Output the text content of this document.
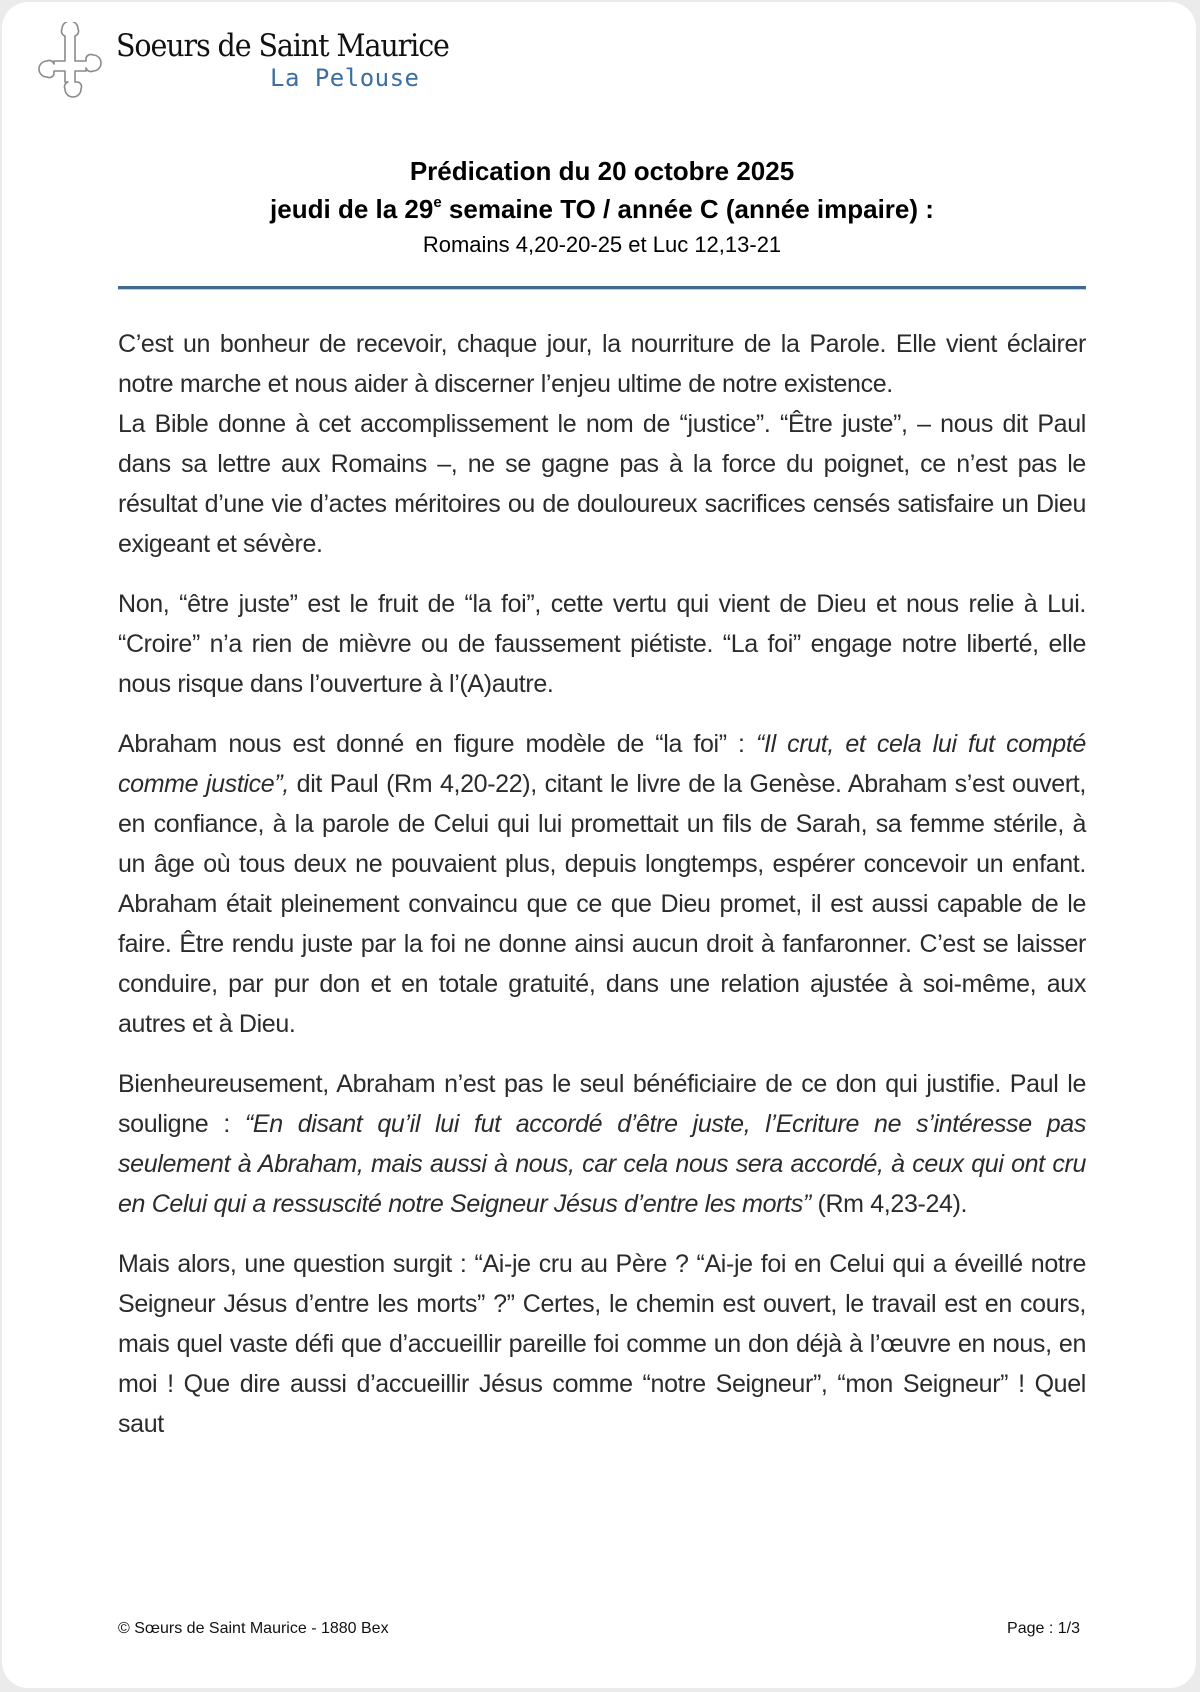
Soeurs de Saint Maurice
La Pelouse
Prédication du 20 octobre 2025
jeudi de la 29e semaine TO / année C (année impaire) :
Romains 4,20-20-25 et Luc 12,13-21

C’est un bonheur de recevoir, chaque jour, la nourriture de la Parole. Elle vient éclairer notre marche et nous aider à discerner l’enjeu ultime de notre existence.

La Bible donne à cet accomplissement le nom de “justice”. “Être juste”, – nous dit Paul dans sa lettre aux Romains –, ne se gagne pas à la force du poignet, ce n’est pas le résultat d’une vie d’actes méritoires ou de douloureux sacrifices censés satisfaire un Dieu exigeant et sévère.

Non, “être juste” est le fruit de “la foi”, cette vertu qui vient de Dieu et nous relie à Lui. “Croire” n’a rien de mièvre ou de faussement piétiste. “La foi” engage notre liberté, elle nous risque dans l’ouverture à l’(A)autre.

Abraham nous est donné en figure modèle de “la foi” : “Il crut, et cela lui fut compté comme justice”, dit Paul (Rm 4,20-22), citant le livre de la Genèse. Abraham s’est ouvert, en confiance, à la parole de Celui qui lui promettait un fils de Sarah, sa femme stérile, à un âge où tous deux ne pouvaient plus, depuis longtemps, espérer concevoir un enfant. Abraham était pleinement convaincu que ce que Dieu promet, il est aussi capable de le faire. Être rendu juste par la foi ne donne ainsi aucun droit à fanfaronner. C’est se laisser conduire, par pur don et en totale gratuité, dans une relation ajustée à soi-même, aux autres et à Dieu.

Bienheureusement, Abraham n’est pas le seul bénéficiaire de ce don qui justifie. Paul le souligne : “En disant qu’il lui fut accordé d’être juste, l’Ecriture ne s’intéresse pas seulement à Abraham, mais aussi à nous, car cela nous sera accordé, à ceux qui ont cru en Celui qui a ressuscité notre Seigneur Jésus d’entre les morts” (Rm 4,23-24).

Mais alors, une question surgit : “Ai-je cru au Père ? “Ai-je foi en Celui qui a éveillé notre Seigneur Jésus d’entre les morts” ?” Certes, le chemin est ouvert, le travail est en cours, mais quel vaste défi que d’accueillir pareille foi comme un don déjà à l’œuvre en nous, en moi ! Que dire aussi d’accueillir Jésus comme “notre Seigneur”, “mon Seigneur” ! Quel saut

© Sœurs de Saint Maurice - 1880 Bex	Page : 1/3
